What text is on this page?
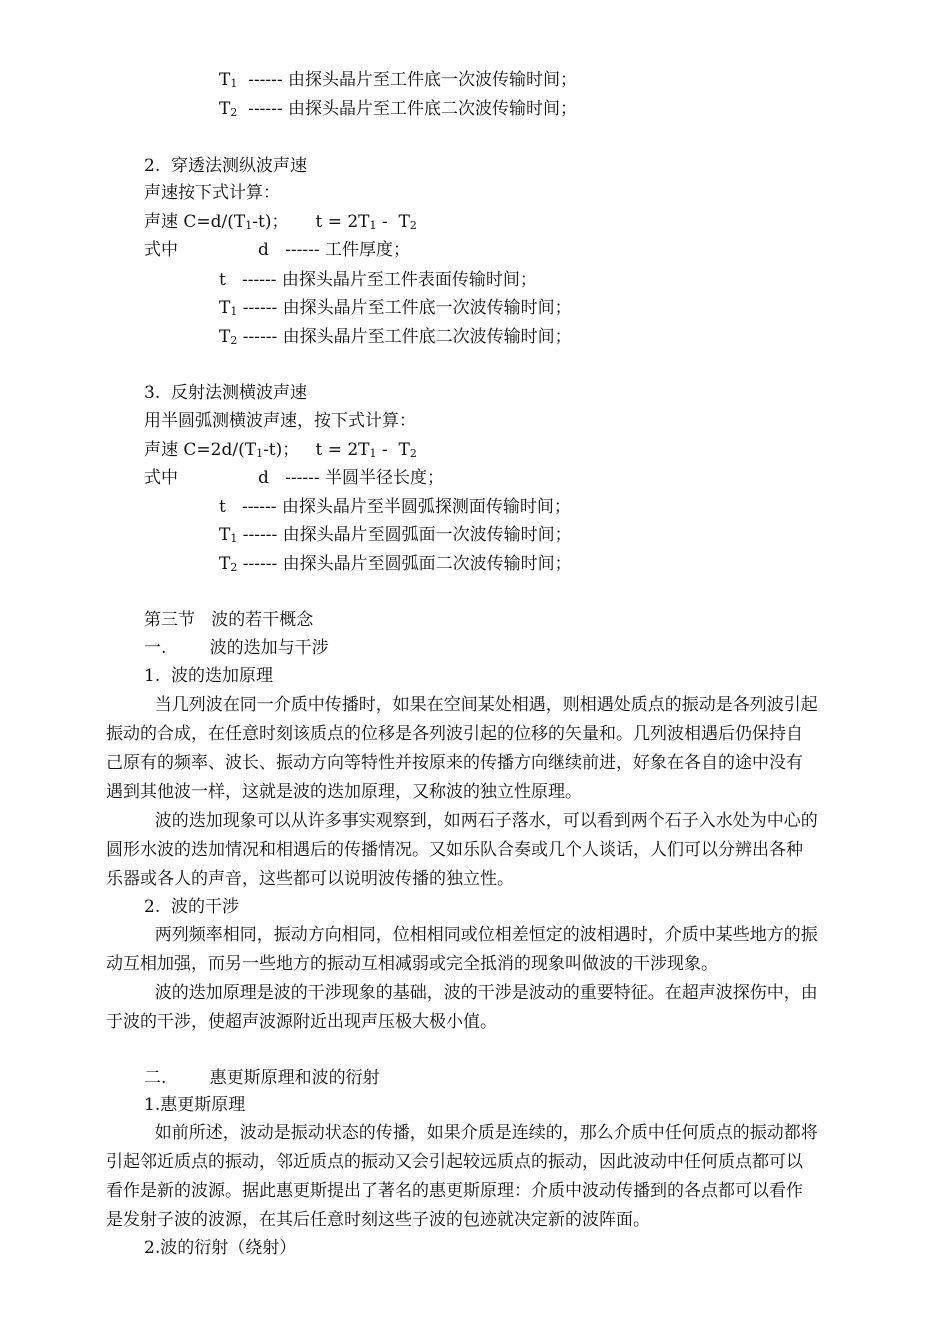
$T_1$ ------ 由探头晶片至工件底一次波传输时间；
$T_2$ ------ 由探头晶片至工件底二次波传输时间；
2.  穿透法测纵波声速
声速按下式计算：
声速 $C=d/(T_1-t)$；     $t = 2T_1 - T_2$
式中	d   ------ 工件厚度；
t   ------ 由探头晶片至工件表面传输时间；
$T_1$ ------ 由探头晶片至工件底一次波传输时间；
$T_2$ ------ 由探头晶片至工件底二次波传输时间；
3.  反射法测横波声速
用半圆弧测横波声速，按下式计算：
声速 $C=2d/(T_1-t)$；   $t = 2T_1 - T_2$
式中	d   ------ 半圆半径长度；
t   ------ 由探头晶片至半圆弧探测面传输时间；
$T_1$ ------ 由探头晶片至圆弧面一次波传输时间；
$T_2$ ------ 由探头晶片至圆弧面二次波传输时间；
第三节   波的若干概念
一.        波的迭加与干涉
1.  波的迭加原理
当几列波在同一介质中传播时，如果在空间某处相遇，则相遇处质点的振动是各列波引起
振动的合成，在任意时刻该质点的位移是各列波引起的位移的矢量和。几列波相遇后仍保持自
己原有的频率、波长、振动方向等特性并按原来的传播方向继续前进，好象在各自的途中没有
遇到其他波一样，这就是波的迭加原理，又称波的独立性原理。
波的迭加现象可以从许多事实观察到，如两石子落水，可以看到两个石子入水处为中心的
圆形水波的迭加情况和相遇后的传播情况。又如乐队合奏或几个人谈话，人们可以分辨出各种
乐器或各人的声音，这些都可以说明波传播的独立性。
2.  波的干涉
两列频率相同，振动方向相同，位相相同或位相差恒定的波相遇时，介质中某些地方的振
动互相加强，而另一些地方的振动互相减弱或完全抵消的现象叫做波的干涉现象。
波的迭加原理是波的干涉现象的基础，波的干涉是波动的重要特征。在超声波探伤中，由
于波的干涉，使超声波源附近出现声压极大极小值。
二.        惠更斯原理和波的衍射
1.惠更斯原理
如前所述，波动是振动状态的传播，如果介质是连续的，那么介质中任何质点的振动都将
引起邻近质点的振动，邻近质点的振动又会引起较远质点的振动，因此波动中任何质点都可以
看作是新的波源。据此惠更斯提出了著名的惠更斯原理：介质中波动传播到的各点都可以看作
是发射子波的波源，在其后任意时刻这些子波的包迹就决定新的波阵面。
2.波的衍射（绕射）
